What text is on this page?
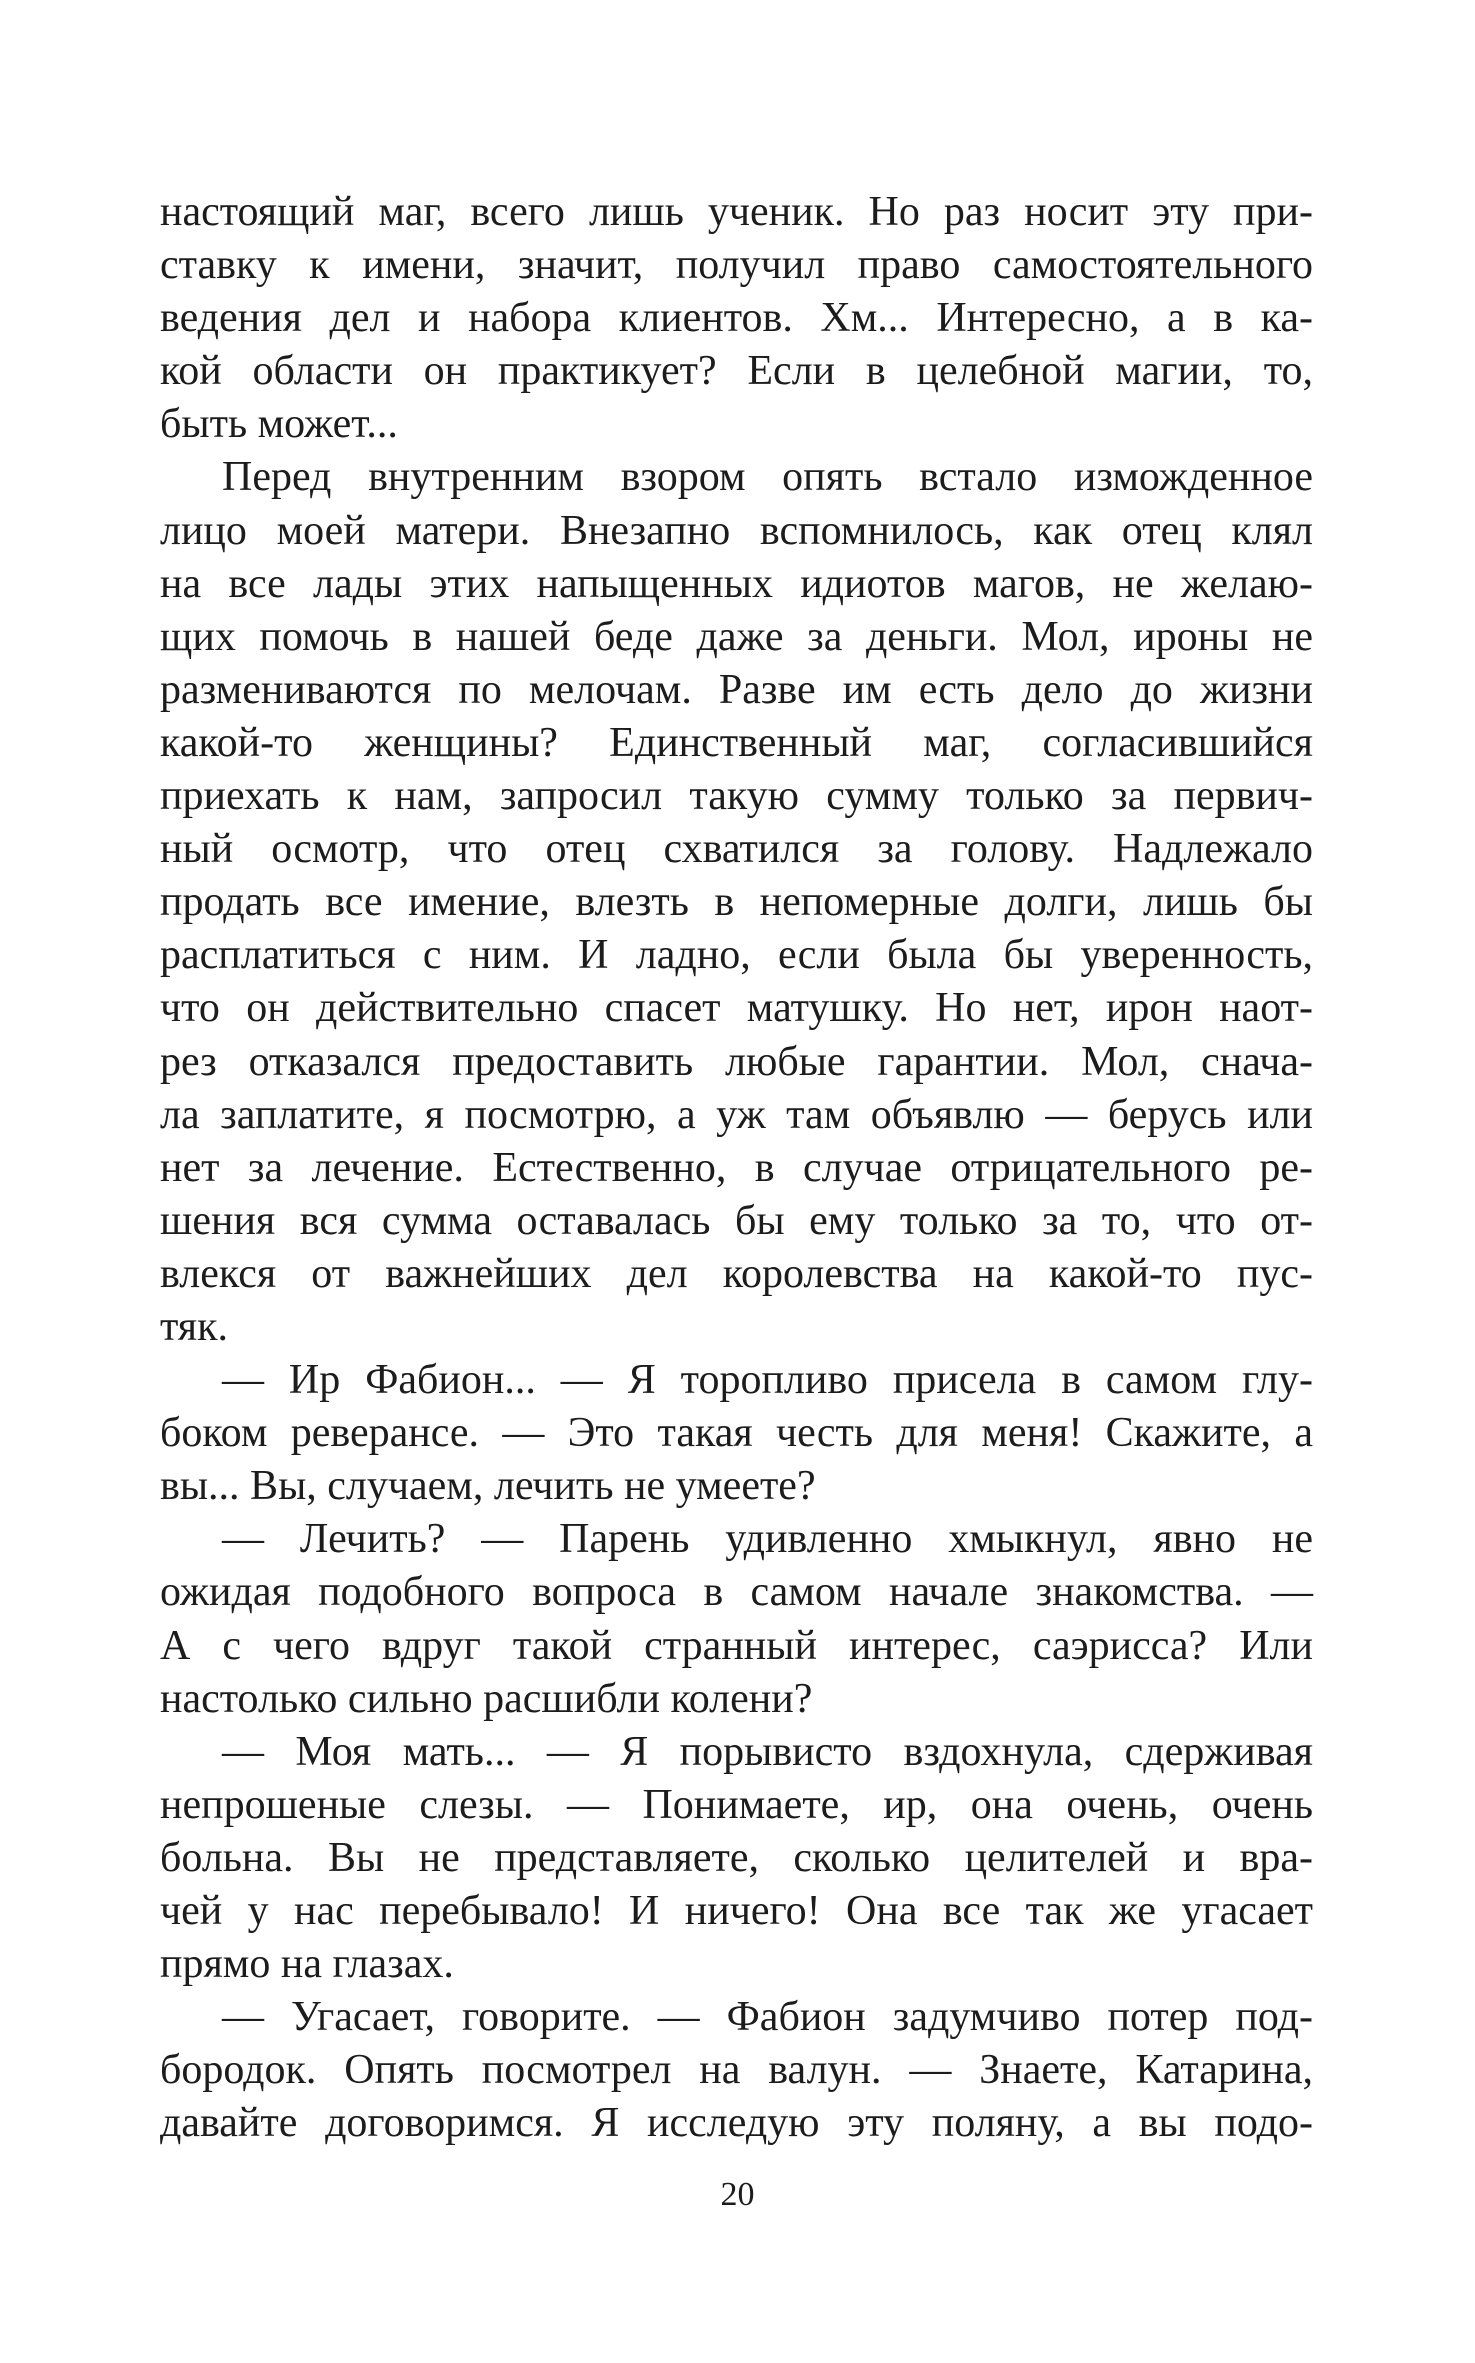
настоящий маг, всего лишь ученик. Но раз носит эту при-
ставку к имени, значит, получил право самостоятельного
ведения дел и набора клиентов. Хм... Интересно, а в ка-
кой области он практикует? Если в целебной магии, то,
быть может...
Перед внутренним взором опять встало изможденное
лицо моей матери. Внезапно вспомнилось, как отец клял
на все лады этих напыщенных идиотов магов, не желаю-
щих помочь в нашей беде даже за деньги. Мол, ироны не
размениваются по мелочам. Разве им есть дело до жизни
какой-то женщины? Единственный маг, согласившийся
приехать к нам, запросил такую сумму только за первич-
ный осмотр, что отец схватился за голову. Надлежало
продать все имение, влезть в непомерные долги, лишь бы
расплатиться с ним. И ладно, если была бы уверенность,
что он действительно спасет матушку. Но нет, ирон наот-
рез отказался предоставить любые гарантии. Мол, снача-
ла заплатите, я посмотрю, а уж там объявлю — берусь или
нет за лечение. Естественно, в случае отрицательного ре-
шения вся сумма оставалась бы ему только за то, что от-
влекся от важнейших дел королевства на какой-то пус-
тяк.
— Ир Фабион... — Я торопливо присела в самом глу-
боком реверансе. — Это такая честь для меня! Скажите, а
вы... Вы, случаем, лечить не умеете?
— Лечить? — Парень удивленно хмыкнул, явно не
ожидая подобного вопроса в самом начале знакомства. —
А с чего вдруг такой странный интерес, саэрисса? Или
настолько сильно расшибли колени?
— Моя мать... — Я порывисто вздохнула, сдерживая
непрошеные слезы. — Понимаете, ир, она очень, очень
больна. Вы не представляете, сколько целителей и вра-
чей у нас перебывало! И ничего! Она все так же угасает
прямо на глазах.
— Угасает, говорите. — Фабион задумчиво потер под-
бородок. Опять посмотрел на валун. — Знаете, Катарина,
давайте договоримся. Я исследую эту поляну, а вы подо-
20
